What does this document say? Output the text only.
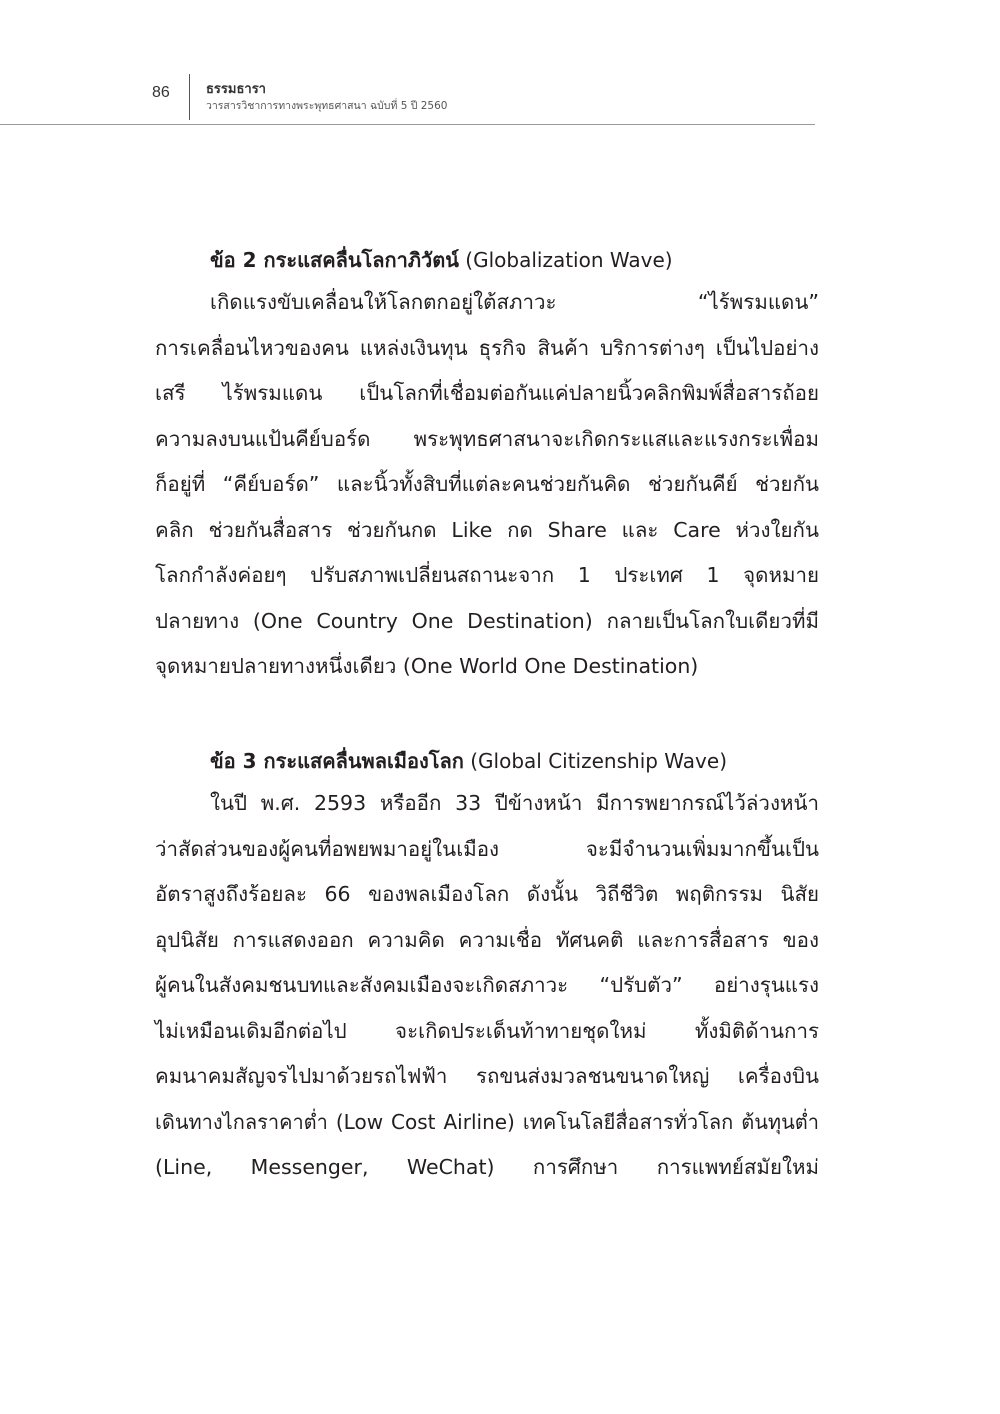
86	ธรรมธารา
วารสารวิชาการทางพระพุทธศาสนา ฉบับที่ 5 ปี 2560
ข้อ 2 กระแสคลื่นโลกาภิวัตน์ (Globalization Wave)

เกิดแรงขับเคลื่อนให้โลกตกอยู่ใต้สภาวะ “ไร้พรมแดน”
การเคลื่อนไหวของคน แหล่งเงินทุน ธุรกิจ สินค้า บริการต่างๆ เป็นไปอย่าง
เสรี ไร้พรมแดน เป็นโลกที่เชื่อมต่อกันแค่ปลายนิ้วคลิกพิมพ์สื่อสารถ้อย
ความลงบนแป้นคีย์บอร์ด พระพุทธศาสนาจะเกิดกระแสและแรงกระเพื่อม
ก็อยู่ที่ “คีย์บอร์ด” และนิ้วทั้งสิบที่แต่ละคนช่วยกันคิด ช่วยกันคีย์ ช่วยกัน
คลิก ช่วยกันสื่อสาร ช่วยกันกด Like กด Share และ Care ห่วงใยกัน
โลกกำลังค่อยๆ ปรับสภาพเปลี่ยนสถานะจาก 1 ประเทศ 1 จุดหมาย
ปลายทาง (One Country One Destination) กลายเป็นโลกใบเดียวที่มี
จุดหมายปลายทางหนึ่งเดียว (One World One Destination)

ข้อ 3 กระแสคลื่นพลเมืองโลก (Global Citizenship Wave)

ในปี พ.ศ. 2593 หรืออีก 33 ปีข้างหน้า มีการพยากรณ์ไว้ล่วงหน้า
ว่าสัดส่วนของผู้คนที่อพยพมาอยู่ในเมือง จะมีจำนวนเพิ่มมากขึ้นเป็น
อัตราสูงถึงร้อยละ 66 ของพลเมืองโลก ดังนั้น วิถีชีวิต พฤติกรรม นิสัย
อุปนิสัย การแสดงออก ความคิด ความเชื่อ ทัศนคติ และการสื่อสาร ของ
ผู้คนในสังคมชนบทและสังคมเมืองจะเกิดสภาวะ “ปรับตัว” อย่างรุนแรง
ไม่เหมือนเดิมอีกต่อไป จะเกิดประเด็นท้าทายชุดใหม่ ทั้งมิติด้านการ
คมนาคมสัญจรไปมาด้วยรถไฟฟ้า รถขนส่งมวลชนขนาดใหญ่ เครื่องบิน
เดินทางไกลราคาต่ำ (Low Cost Airline) เทคโนโลยีสื่อสารทั่วโลก ต้นทุนต่ำ
(Line, Messenger, WeChat) การศึกษา การแพทย์สมัยใหม่
